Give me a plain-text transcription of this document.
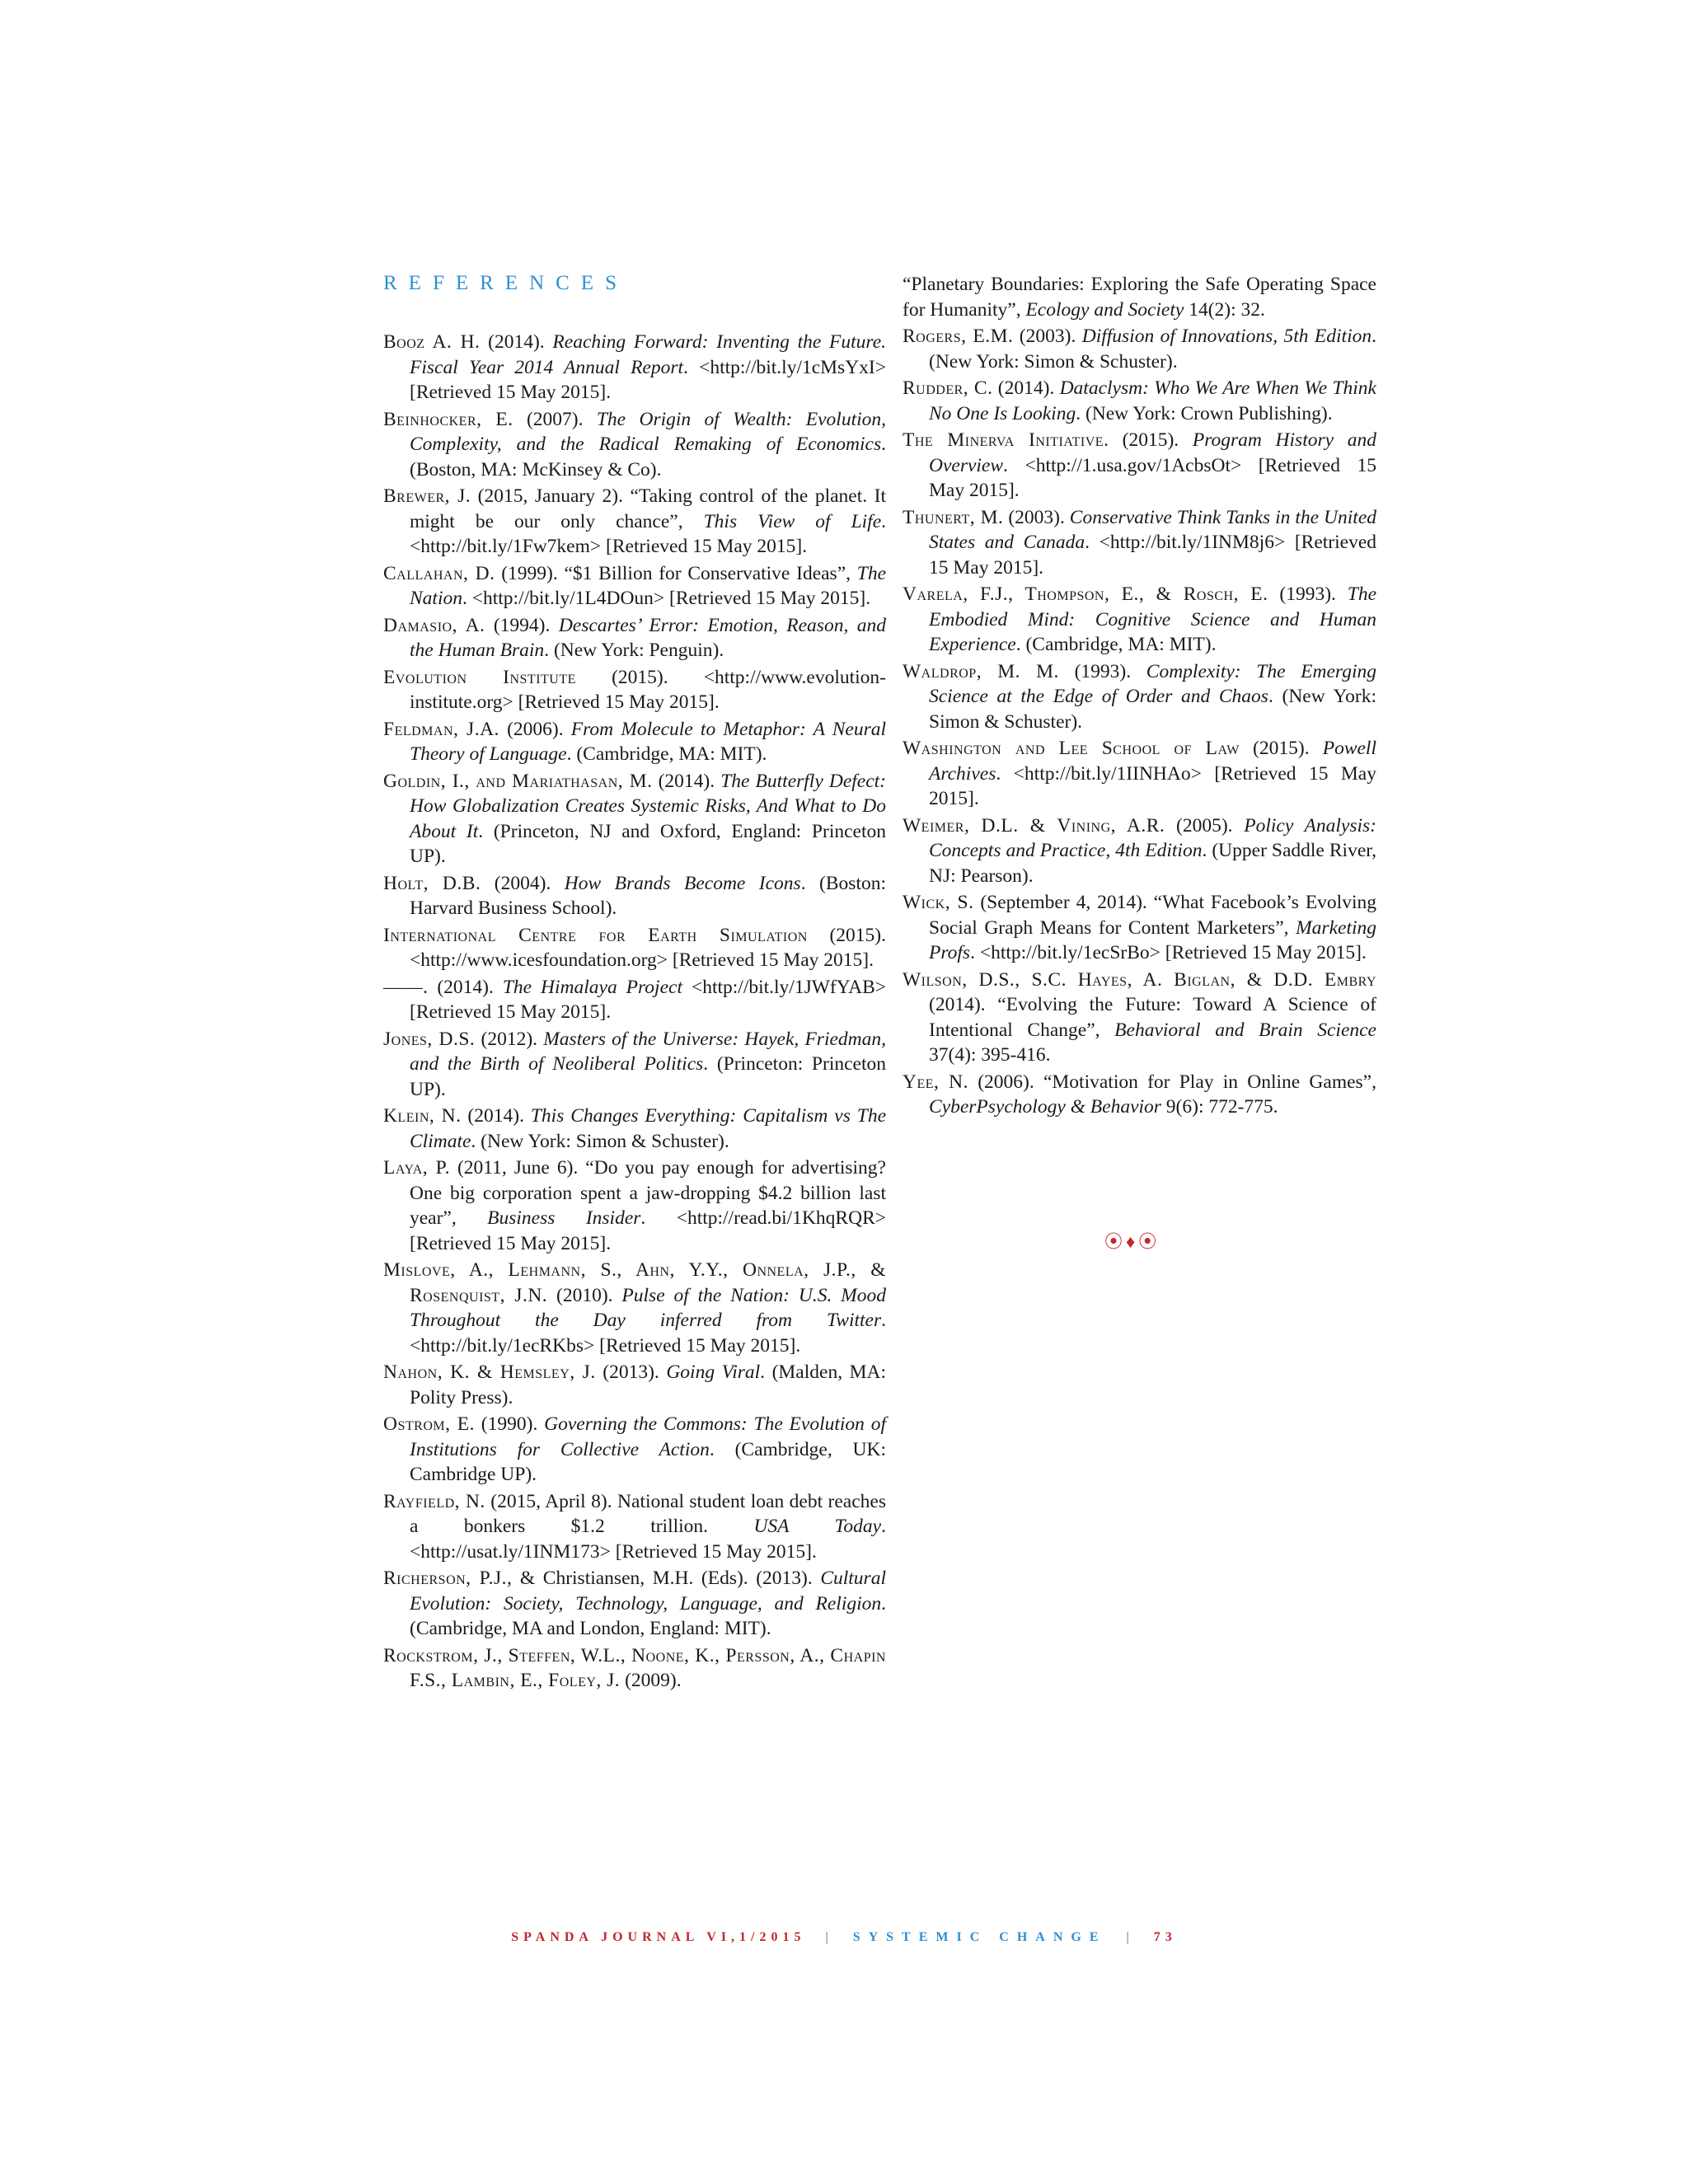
REFERENCES

Booz A. H. (2014). Reaching Forward: Inventing the Future. Fiscal Year 2014 Annual Report. <http://bit.ly/1cMsYxI> [Retrieved 15 May 2015].

Beinhocker, E. (2007). The Origin of Wealth: Evolution, Complexity, and the Radical Remaking of Economics. (Boston, MA: McKinsey & Co).

Brewer, J. (2015, January 2). “Taking control of the planet. It might be our only chance”, This View of Life. <http://bit.ly/1Fw7kem> [Retrieved 15 May 2015].

Callahan, D. (1999). “$1 Billion for Conservative Ideas”, The Nation. <http://bit.ly/1L4DOun> [Retrieved 15 May 2015].

Damasio, A. (1994). Descartes’ Error: Emotion, Reason, and the Human Brain. (New York: Penguin).

Evolution Institute (2015). <http://www.evolution-institute.org> [Retrieved 15 May 2015].

Feldman, J.A. (2006). From Molecule to Metaphor: A Neural Theory of Language. (Cambridge, MA: MIT).

Goldin, I., and Mariathasan, M. (2014). The Butterfly Defect: How Globalization Creates Systemic Risks, And What to Do About It. (Princeton, NJ and Oxford, England: Princeton UP).

Holt, D.B. (2004). How Brands Become Icons. (Boston: Harvard Business School).

International Centre for Earth Simulation (2015). <http://www.icesfoundation.org> [Retrieved 15 May 2015].

——. (2014). The Himalaya Project <http://bit.ly/1JWfYAB> [Retrieved 15 May 2015].

Jones, D.S. (2012). Masters of the Universe: Hayek, Friedman, and the Birth of Neoliberal Politics. (Princeton: Princeton UP).

Klein, N. (2014). This Changes Everything: Capitalism vs The Climate. (New York: Simon & Schuster).

Laya, P. (2011, June 6). “Do you pay enough for advertising? One big corporation spent a jaw-dropping $4.2 billion last year”, Business Insider. <http://read.bi/1KhqRQR> [Retrieved 15 May 2015].

Mislove, A., Lehmann, S., Ahn, Y.Y., Onnela, J.P., & Rosenquist, J.N. (2010). Pulse of the Nation: U.S. Mood Throughout the Day inferred from Twitter. <http://bit.ly/1ecRKbs> [Retrieved 15 May 2015].

Nahon, K. & Hemsley, J. (2013). Going Viral. (Malden, MA: Polity Press).

Ostrom, E. (1990). Governing the Commons: The Evolution of Institutions for Collective Action. (Cambridge, UK: Cambridge UP).

Rayfield, N. (2015, April 8). National student loan debt reaches a bonkers $1.2 trillion. USA Today. <http://usat.ly/1INM173> [Retrieved 15 May 2015].

Richerson, P.J., & Christiansen, M.H. (Eds). (2013). Cultural Evolution: Society, Technology, Language, and Religion. (Cambridge, MA and London, England: MIT).

Rockstrom, J., Steffen, W.L., Noone, K., Persson, A., Chapin F.S., Lambin, E., Foley, J. (2009).

“Planetary Boundaries: Exploring the Safe Operating Space for Humanity”, Ecology and Society 14(2): 32.

Rogers, E.M. (2003). Diffusion of Innovations, 5th Edition. (New York: Simon & Schuster).

Rudder, C. (2014). Dataclysm: Who We Are When We Think No One Is Looking. (New York: Crown Publishing).

The Minerva Initiative. (2015). Program History and Overview. <http://1.usa.gov/1AcbsOt> [Retrieved 15 May 2015].

Thunert, M. (2003). Conservative Think Tanks in the United States and Canada. <http://bit.ly/1INM8j6> [Retrieved 15 May 2015].

Varela, F.J., Thompson, E., & Rosch, E. (1993). The Embodied Mind: Cognitive Science and Human Experience. (Cambridge, MA: MIT).

Waldrop, M. M. (1993). Complexity: The Emerging Science at the Edge of Order and Chaos. (New York: Simon & Schuster).

Washington and Lee School of Law (2015). Powell Archives. <http://bit.ly/1IINHAo> [Retrieved 15 May 2015].

Weimer, D.L. & Vining, A.R. (2005). Policy Analysis: Concepts and Practice, 4th Edition. (Upper Saddle River, NJ: Pearson).

Wick, S. (September 4, 2014). “What Facebook’s Evolving Social Graph Means for Content Marketers”, Marketing Profs. <http://bit.ly/1ecSrBo> [Retrieved 15 May 2015].

Wilson, D.S., S.C. Hayes, A. Biglan, & D.D. Embry (2014). “Evolving the Future: Toward A Science of Intentional Change”, Behavioral and Brain Science 37(4): 395-416.

Yee, N. (2006). “Motivation for Play in Online Games”, CyberPsychology & Behavior 9(6): 772-775.

⦿♦⦿
SPANDA JOURNAL VI,1/2015 | SYSTEMIC CHANGE | 73
